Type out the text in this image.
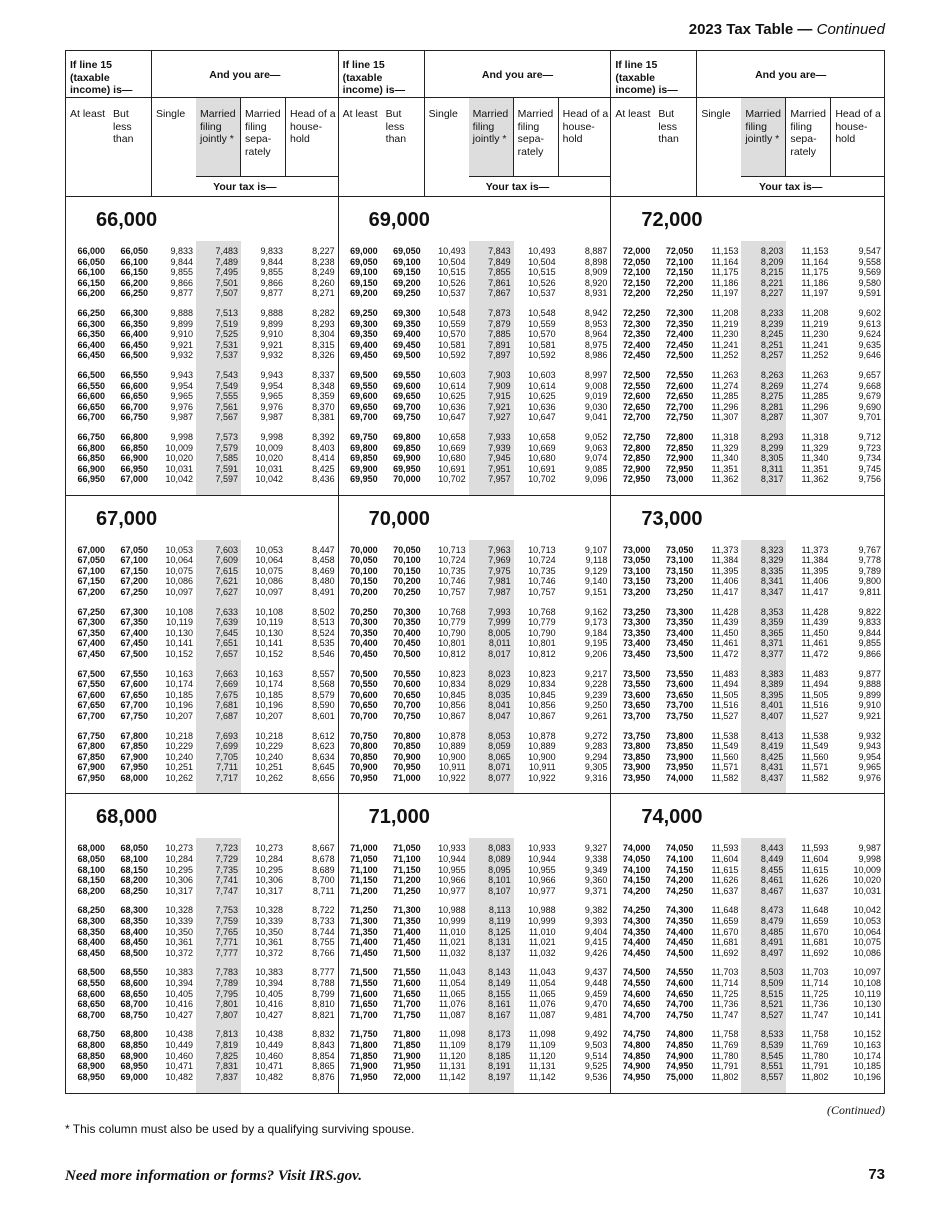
2023 Tax Table — Continued
If line 15 (taxable income) is—
And you are—
At least But less than
Single	Married filing jointly *
Married filing sepa- rately
Head of a house- hold
Your tax is—
66,000
66,000	66,050	9,833	7,483	9,833	8,227
66,050	66,100	9,844	7,489	9,844	8,238
66,100	66,150	9,855	7,495	9,855	8,249
66,150	66,200	9,866	7,501	9,866	8,260
66,200	66,250	9,877	7,507	9,877	8,271
66,250	66,300	9,888	7,513	9,888	8,282
66,300	66,350	9,899	7,519	9,899	8,293
66,350	66,400	9,910	7,525	9,910	8,304
66,400	66,450	9,921	7,531	9,921	8,315
66,450	66,500	9,932	7,537	9,932	8,326
66,500	66,550	9,943	7,543	9,943	8,337
66,550	66,600	9,954	7,549	9,954	8,348
66,600	66,650	9,965	7,555	9,965	8,359
66,650	66,700	9,976	7,561	9,976	8,370
66,700	66,750	9,987	7,567	9,987	8,381
66,750	66,800	9,998	7,573	9,998	8,392
66,800	66,850	10,009	7,579	10,009	8,403
66,850	66,900	10,020	7,585	10,020	8,414
66,900	66,950	10,031	7,591	10,031	8,425
66,950	67,000	10,042	7,597	10,042	8,436
67,000
67,000	67,050	10,053	7,603	10,053	8,447
67,050	67,100	10,064	7,609	10,064	8,458
67,100	67,150	10,075	7,615	10,075	8,469
67,150	67,200	10,086	7,621	10,086	8,480
67,200	67,250	10,097	7,627	10,097	8,491
67,250	67,300	10,108	7,633	10,108	8,502
67,300	67,350	10,119	7,639	10,119	8,513
67,350	67,400	10,130	7,645	10,130	8,524
67,400	67,450	10,141	7,651	10,141	8,535
67,450	67,500	10,152	7,657	10,152	8,546
67,500	67,550	10,163	7,663	10,163	8,557
67,550	67,600	10,174	7,669	10,174	8,568
67,600	67,650	10,185	7,675	10,185	8,579
67,650	67,700	10,196	7,681	10,196	8,590
67,700	67,750	10,207	7,687	10,207	8,601
67,750	67,800	10,218	7,693	10,218	8,612
67,800	67,850	10,229	7,699	10,229	8,623
67,850	67,900	10,240	7,705	10,240	8,634
67,900	67,950	10,251	7,711	10,251	8,645
67,950	68,000	10,262	7,717	10,262	8,656
68,000
68,000	68,050	10,273	7,723	10,273	8,667
68,050	68,100	10,284	7,729	10,284	8,678
68,100	68,150	10,295	7,735	10,295	8,689
68,150	68,200	10,306	7,741	10,306	8,700
68,200	68,250	10,317	7,747	10,317	8,711
68,250	68,300	10,328	7,753	10,328	8,722
68,300	68,350	10,339	7,759	10,339	8,733
68,350	68,400	10,350	7,765	10,350	8,744
68,400	68,450	10,361	7,771	10,361	8,755
68,450	68,500	10,372	7,777	10,372	8,766
68,500	68,550	10,383	7,783	10,383	8,777
68,550	68,600	10,394	7,789	10,394	8,788
68,600	68,650	10,405	7,795	10,405	8,799
68,650	68,700	10,416	7,801	10,416	8,810
68,700	68,750	10,427	7,807	10,427	8,821
68,750	68,800	10,438	7,813	10,438	8,832
68,800	68,850	10,449	7,819	10,449	8,843
68,850	68,900	10,460	7,825	10,460	8,854
68,900	68,950	10,471	7,831	10,471	8,865
68,950	69,000	10,482	7,837	10,482	8,876
If line 15 (taxable income) is—
And you are—
At least But less than
Single	Married filing jointly *
Married filing sepa- rately
Head of a house- hold
Your tax is—
69,000
69,000	69,050	10,493	7,843	10,493	8,887
69,050	69,100	10,504	7,849	10,504	8,898
69,100	69,150	10,515	7,855	10,515	8,909
69,150	69,200	10,526	7,861	10,526	8,920
69,200	69,250	10,537	7,867	10,537	8,931
69,250	69,300	10,548	7,873	10,548	8,942
69,300	69,350	10,559	7,879	10,559	8,953
69,350	69,400	10,570	7,885	10,570	8,964
69,400	69,450	10,581	7,891	10,581	8,975
69,450	69,500	10,592	7,897	10,592	8,986
69,500	69,550	10,603	7,903	10,603	8,997
69,550	69,600	10,614	7,909	10,614	9,008
69,600	69,650	10,625	7,915	10,625	9,019
69,650	69,700	10,636	7,921	10,636	9,030
69,700	69,750	10,647	7,927	10,647	9,041
69,750	69,800	10,658	7,933	10,658	9,052
69,800	69,850	10,669	7,939	10,669	9,063
69,850	69,900	10,680	7,945	10,680	9,074
69,900	69,950	10,691	7,951	10,691	9,085
69,950	70,000	10,702	7,957	10,702	9,096
70,000
70,000	70,050	10,713	7,963	10,713	9,107
70,050	70,100	10,724	7,969	10,724	9,118
70,100	70,150	10,735	7,975	10,735	9,129
70,150	70,200	10,746	7,981	10,746	9,140
70,200	70,250	10,757	7,987	10,757	9,151
70,250	70,300	10,768	7,993	10,768	9,162
70,300	70,350	10,779	7,999	10,779	9,173
70,350	70,400	10,790	8,005	10,790	9,184
70,400	70,450	10,801	8,011	10,801	9,195
70,450	70,500	10,812	8,017	10,812	9,206
70,500	70,550	10,823	8,023	10,823	9,217
70,550	70,600	10,834	8,029	10,834	9,228
70,600	70,650	10,845	8,035	10,845	9,239
70,650	70,700	10,856	8,041	10,856	9,250
70,700	70,750	10,867	8,047	10,867	9,261
70,750	70,800	10,878	8,053	10,878	9,272
70,800	70,850	10,889	8,059	10,889	9,283
70,850	70,900	10,900	8,065	10,900	9,294
70,900	70,950	10,911	8,071	10,911	9,305
70,950	71,000	10,922	8,077	10,922	9,316
71,000
71,000	71,050	10,933	8,083	10,933	9,327
71,050	71,100	10,944	8,089	10,944	9,338
71,100	71,150	10,955	8,095	10,955	9,349
71,150	71,200	10,966	8,101	10,966	9,360
71,200	71,250	10,977	8,107	10,977	9,371
71,250	71,300	10,988	8,113	10,988	9,382
71,300	71,350	10,999	8,119	10,999	9,393
71,350	71,400	11,010	8,125	11,010	9,404
71,400	71,450	11,021	8,131	11,021	9,415
71,450	71,500	11,032	8,137	11,032	9,426
71,500	71,550	11,043	8,143	11,043	9,437
71,550	71,600	11,054	8,149	11,054	9,448
71,600	71,650	11,065	8,155	11,065	9,459
71,650	71,700	11,076	8,161	11,076	9,470
71,700	71,750	11,087	8,167	11,087	9,481
71,750	71,800	11,098	8,173	11,098	9,492
71,800	71,850	11,109	8,179	11,109	9,503
71,850	71,900	11,120	8,185	11,120	9,514
71,900	71,950	11,131	8,191	11,131	9,525
71,950	72,000	11,142	8,197	11,142	9,536
If line 15 (taxable income) is—
And you are—
At least But less than
Single	Married filing jointly *
Married filing sepa- rately
Head of a house- hold
Your tax is—
72,000
72,000	72,050	11,153	8,203	11,153	9,547
72,050	72,100	11,164	8,209	11,164	9,558
72,100	72,150	11,175	8,215	11,175	9,569
72,150	72,200	11,186	8,221	11,186	9,580
72,200	72,250	11,197	8,227	11,197	9,591
72,250	72,300	11,208	8,233	11,208	9,602
72,300	72,350	11,219	8,239	11,219	9,613
72,350	72,400	11,230	8,245	11,230	9,624
72,400	72,450	11,241	8,251	11,241	9,635
72,450	72,500	11,252	8,257	11,252	9,646
72,500	72,550	11,263	8,263	11,263	9,657
72,550	72,600	11,274	8,269	11,274	9,668
72,600	72,650	11,285	8,275	11,285	9,679
72,650	72,700	11,296	8,281	11,296	9,690
72,700	72,750	11,307	8,287	11,307	9,701
72,750	72,800	11,318	8,293	11,318	9,712
72,800	72,850	11,329	8,299	11,329	9,723
72,850	72,900	11,340	8,305	11,340	9,734
72,900	72,950	11,351	8,311	11,351	9,745
72,950	73,000	11,362	8,317	11,362	9,756
73,000
73,000	73,050	11,373	8,323	11,373	9,767
73,050	73,100	11,384	8,329	11,384	9,778
73,100	73,150	11,395	8,335	11,395	9,789
73,150	73,200	11,406	8,341	11,406	9,800
73,200	73,250	11,417	8,347	11,417	9,811
73,250	73,300	11,428	8,353	11,428	9,822
73,300	73,350	11,439	8,359	11,439	9,833
73,350	73,400	11,450	8,365	11,450	9,844
73,400	73,450	11,461	8,371	11,461	9,855
73,450	73,500	11,472	8,377	11,472	9,866
73,500	73,550	11,483	8,383	11,483	9,877
73,550	73,600	11,494	8,389	11,494	9,888
73,600	73,650	11,505	8,395	11,505	9,899
73,650	73,700	11,516	8,401	11,516	9,910
73,700	73,750	11,527	8,407	11,527	9,921
73,750	73,800	11,538	8,413	11,538	9,932
73,800	73,850	11,549	8,419	11,549	9,943
73,850	73,900	11,560	8,425	11,560	9,954
73,900	73,950	11,571	8,431	11,571	9,965
73,950	74,000	11,582	8,437	11,582	9,976
74,000
74,000	74,050	11,593	8,443	11,593	9,987
74,050	74,100	11,604	8,449	11,604	9,998
74,100	74,150	11,615	8,455	11,615	10,009
74,150	74,200	11,626	8,461	11,626	10,020
74,200	74,250	11,637	8,467	11,637	10,031
74,250	74,300	11,648	8,473	11,648	10,042
74,300	74,350	11,659	8,479	11,659	10,053
74,350	74,400	11,670	8,485	11,670	10,064
74,400	74,450	11,681	8,491	11,681	10,075
74,450	74,500	11,692	8,497	11,692	10,086
74,500	74,550	11,703	8,503	11,703	10,097
74,550	74,600	11,714	8,509	11,714	10,108
74,600	74,650	11,725	8,515	11,725	10,119
74,650	74,700	11,736	8,521	11,736	10,130
74,700	74,750	11,747	8,527	11,747	10,141
74,750	74,800	11,758	8,533	11,758	10,152
74,800	74,850	11,769	8,539	11,769	10,163
74,850	74,900	11,780	8,545	11,780	10,174
74,900	74,950	11,791	8,551	11,791	10,185
74,950	75,000	11,802	8,557	11,802	10,196
(Continued)
* This column must also be used by a qualifying surviving spouse.
Need more information or forms? Visit IRS.gov.	73
